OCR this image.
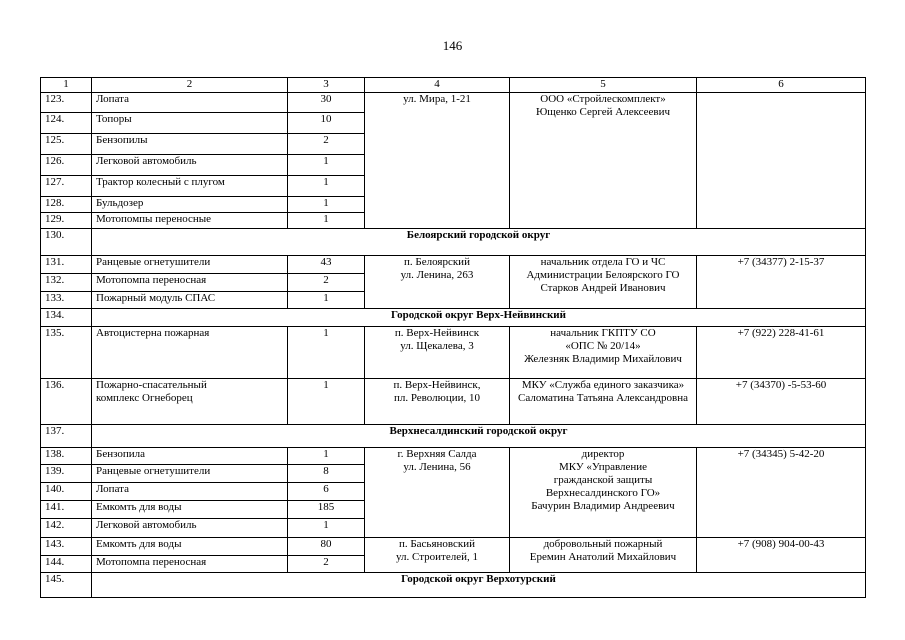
146
1	2	3	4	5	6
123.	Лопата	30	ул. Мира, 1-21	ООО «Стройлескомплект»
Ющенко Сергей Алексеевич	

124.	Топоры	10			
125.	Бензопилы	2			
126.	Легковой автомобиль	1			
127.	Трактор колесный с плугом	1			
128.	Бульдозер	1			
129.	Мотопомпы переносные	1			
130.	Белоярский городской округ				
131.	Ранцевые огнетушители	43	п. Белоярский
ул. Ленина, 263	начальник отдела ГО и ЧС
Администрации Белоярского ГО
Старков Андрей Иванович	+7 (34377) 2-15-37
132.	Мотопомпа переносная	2			
133.	Пожарный модуль СПАС	1			
134.	Городской округ Верх-Нейвинский				
135.	Автоцистерна пожарная	1	п. Верх-Нейвинск
ул. Щекалева, 3	начальник ГКПТУ СО
«ОПС № 20/14»
Железняк Владимир Михайлович	+7 (922) 228-41-61
136.	Пожарно-спасательный
комплекс Огнеборец	1	п. Верх-Нейвинск,
пл. Революции, 10	МКУ «Служба единого заказчика»
Саломатина Татьяна Александровна	+7 (34370) -5-53-60
137.	Верхнесалдинский городской округ				
138.	Бензопила	1	г. Верхняя Салда
ул. Ленина, 56	директор
МКУ «Управление
гражданской защиты
Верхнесалдинского ГО»
Бачурин Владимир Андреевич	+7 (34345) 5-42-20
139.	Ранцевые огнетушители	8			
140.	Лопата	6			
141.	Емкомть для воды	185			
142.	Легковой автомобиль	1			
143.	Емкомть для воды	80	п. Басьяновский
ул. Строителей, 1	добровольный пожарный
Еремин Анатолий Михайлович	+7 (908) 904-00-43
144.	Мотопомпа переносная	2			
145.	Городской округ Верхотурский				
